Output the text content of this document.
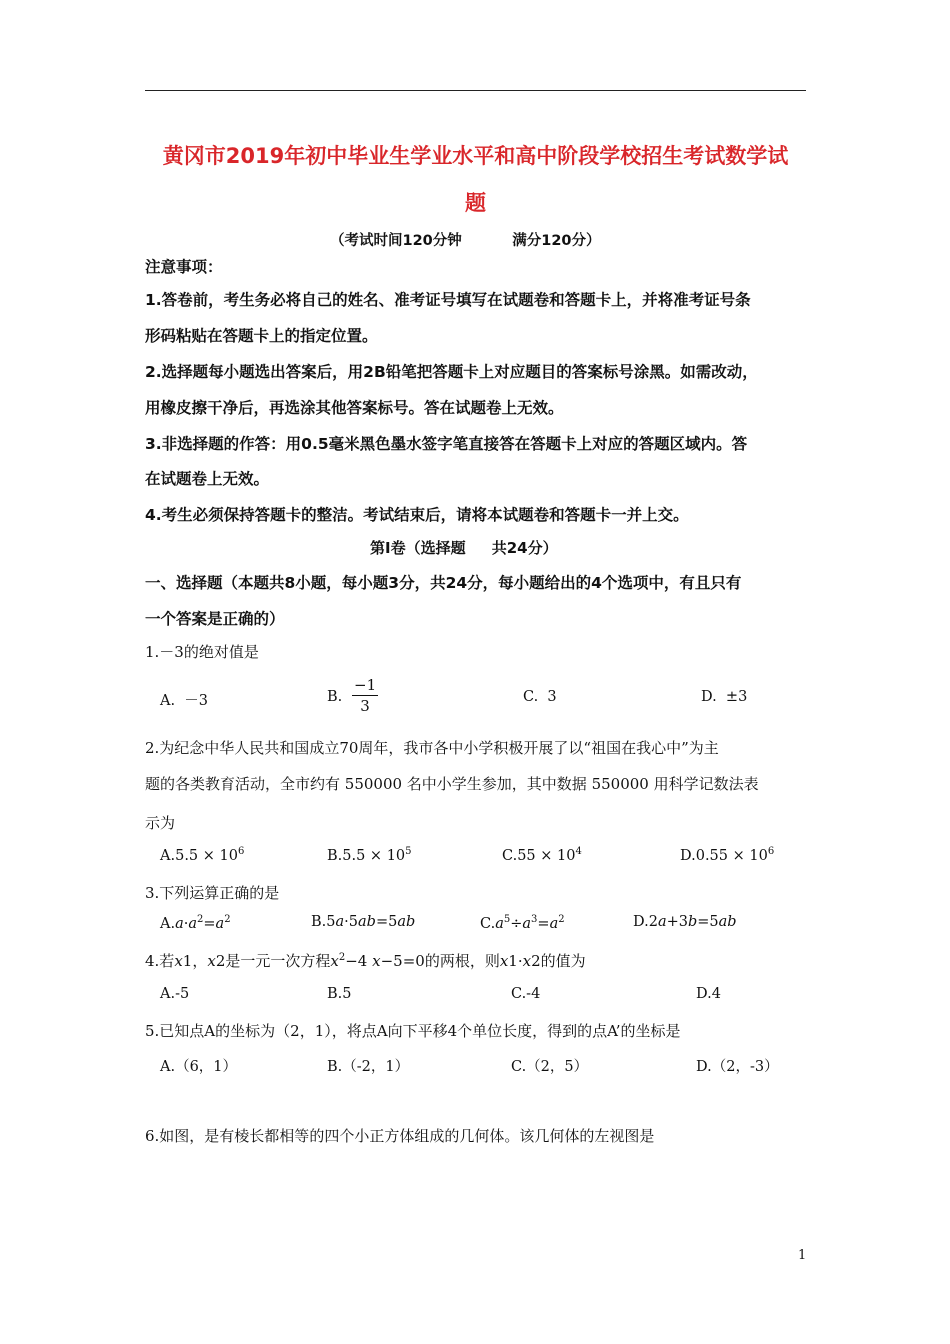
黄冈市2019年初中毕业生学业水平和高中阶段学校招生考试数学试
题
（考试时间120分钟          满分120分）
注意事项：
1.答卷前，考生务必将自己的姓名、准考证号填写在试题卷和答题卡上，并将准考证号条
形码粘贴在答题卡上的指定位置。
2.选择题每小题选出答案后，用2B铅笔把答题卡上对应题目的答案标号涂黑。如需改动，
用橡皮擦干净后，再选涂其他答案标号。答在试题卷上无效。
3.非选择题的作答：用0.5毫米黑色墨水签字笔直接答在答题卡上对应的答题区域内。答
在试题卷上无效。
4.考生必须保持答题卡的整洁。考试结束后，请将本试题卷和答题卡一并上交。
第Ⅰ卷（选择题     共24分）
一、选择题（本题共8小题，每小题3分，共24分，每小题给出的4个选项中，有且只有
一个答案是正确的）
1.－3的绝对值是
A.  －3	B. $\frac{-1}{3}$	C.  3	D.  ±3
2.为纪念中华人民共和国成立70周年，我市各中小学积极开展了以“祖国在我心中”为主
题的各类教育活动，全市约有 550000 名中小学生参加，其中数据 550000 用科学记数法表
示为
$A.5.5 \times 10^6$	$B.5.5 \times 10^5$	$C.55 \times 10^4$	$D.0.55 \times 10^6$
3.下列运算正确的是
$A.a\cdot a^2=a^2$	B.5a·5ab=5ab	$C.a^5\div a^3=a^2$	D.2a+3b=5ab
4.若x1，x2是一元一次方程$x^2-4$ x−5=0的两根，则x1·x2的值为
A.-5	B.5	C.-4	D.4
5.已知点A的坐标为（2，1），将点A向下平移4个单位长度，得到的点A’的坐标是
A.（6，1）	B.（-2，1）	C.（2，5）	D.（2，-3）
6.如图，是有棱长都相等的四个小正方体组成的几何体。该几何体的左视图是
1
